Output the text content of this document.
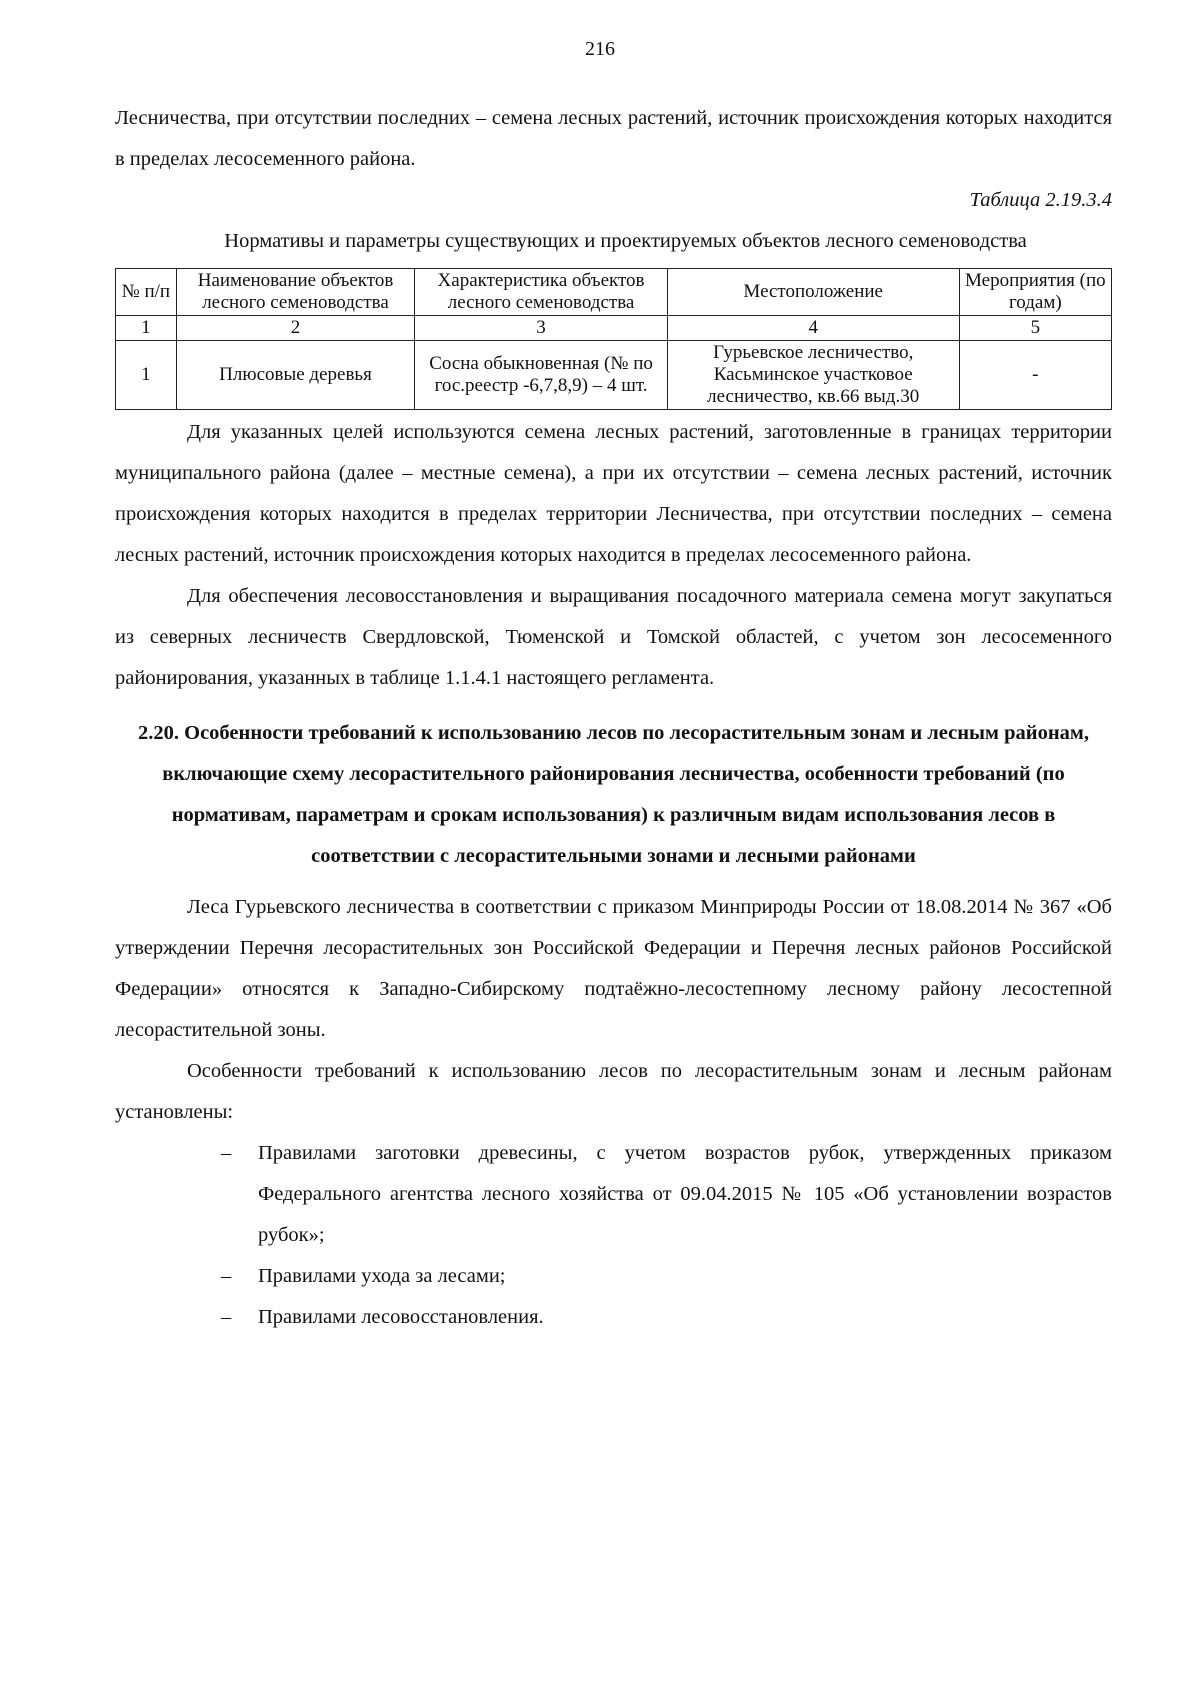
216

Лесничества, при отсутствии последних – семена лесных растений, источник происхождения которых находится в пределах лесосеменного района.

Таблица 2.19.3.4

Нормативы и параметры существующих и проектируемых объектов лесного семеноводства

№ п/п	Наименование объектов лесного семеноводства	Характеристика объектов лесного семеноводства	Местоположение	Мероприятия (по годам)
1	2	3	4	5
1	Плюсовые деревья	Сосна обыкновенная (№ по гос.реестр -6,7,8,9) – 4 шт.	Гурьевское лесничество, Касьминское участковое лесничество, кв.66 выд.30	-

Для указанных целей используются семена лесных растений, заготовленные в границах территории муниципального района (далее – местные семена), а при их отсутствии – семена лесных растений, источник происхождения которых находится в пределах территории Лесничества, при отсутствии последних – семена лесных растений, источник происхождения которых находится в пределах лесосеменного района.

Для обеспечения лесовосстановления и выращивания посадочного материала семена могут закупаться из северных лесничеств Свердловской, Тюменской и Томской областей, с учетом зон лесосеменного районирования, указанных в таблице 1.1.4.1 настоящего регламента.

2.20. Особенности требований к использованию лесов по лесорастительным зонам и лесным районам, включающие схему лесорастительного районирования лесничества, особенности требований (по нормативам, параметрам и срокам использования) к различным видам использования лесов в соответствии с лесорастительными зонами и лесными районами

Леса Гурьевского лесничества в соответствии с приказом Минприроды России от 18.08.2014 № 367 «Об утверждении Перечня лесорастительных зон Российской Федерации и Перечня лесных районов Российской Федерации» относятся к Западно-Сибирскому подтаёжно-лесостепному лесному району лесостепной лесорастительной зоны.

Особенности требований к использованию лесов по лесорастительным зонам и лесным районам установлены:

– Правилами заготовки древесины, с учетом возрастов рубок, утвержденных приказом Федерального агентства лесного хозяйства от 09.04.2015 № 105 «Об установлении возрастов рубок»;
– Правилами ухода за лесами;
– Правилами лесовосстановления.
